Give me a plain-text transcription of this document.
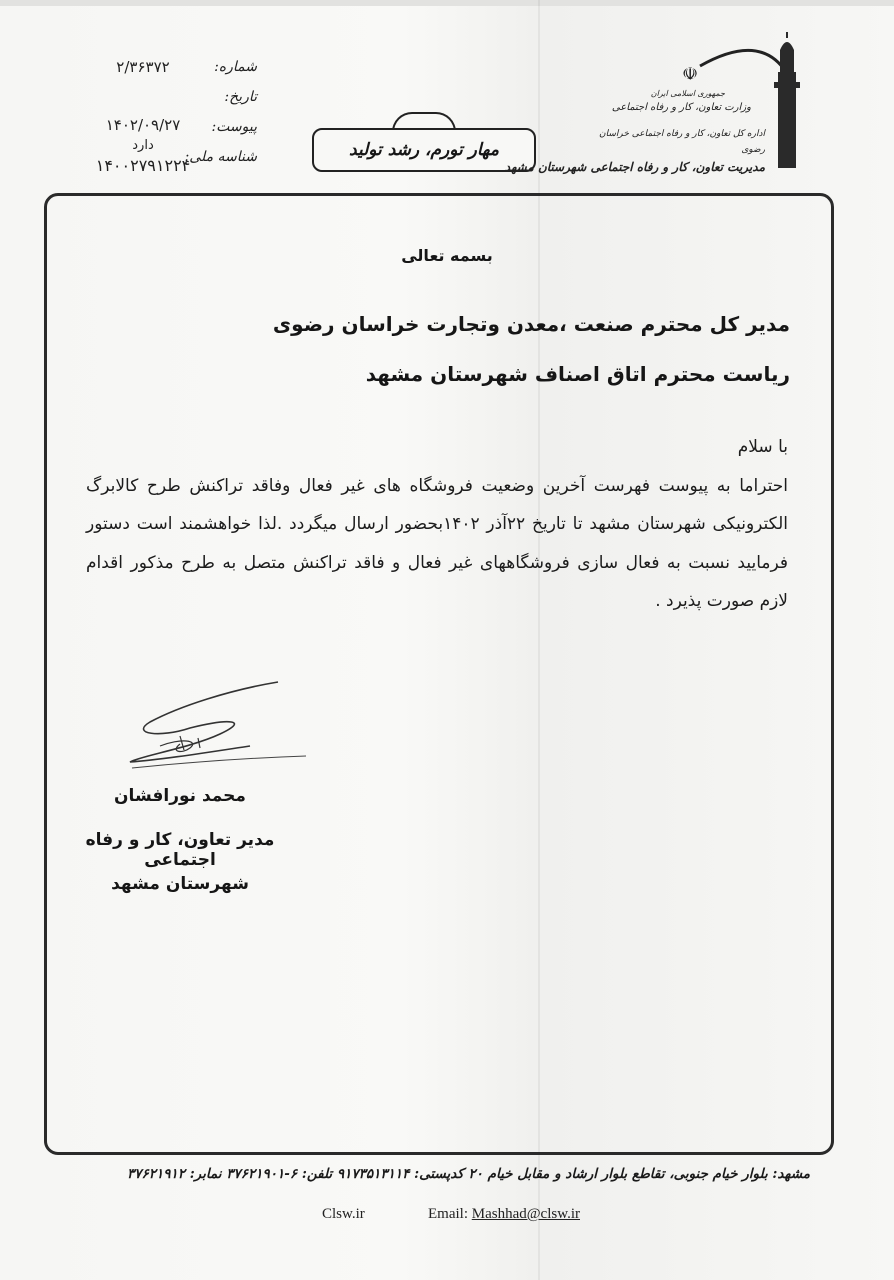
شماره:
تاریخ:
پیوست:
شناسه ملی:
۲/۳۶۳۷۲
۱۴۰۲/۰۹/۲۷
دارد
۱۴۰۰۲۷۹۱۲۲۴
مهار تورم، رشد تولید
☫
جمهوری اسلامی ایران
وزارت تعاون، کار و رفاه اجتماعی
اداره کل تعاون، کار و رفاه اجتماعی خراسان رضوی
مدیریت تعاون، کار و رفاه اجتماعی شهرستان مشهد
بسمه تعالی
مدیر کل محترم صنعت ،معدن وتجارت خراسان رضوی
ریاست محترم اتاق اصناف شهرستان مشهد
با سلام

احتراما به پیوست فهرست آخرین وضعیت فروشگاه های غیر فعال وفاقد تراکنش طرح کالابرگ الکترونیکی شهرستان مشهد تا تاریخ ۲۲آذر ۱۴۰۲بحضور ارسال میگردد .لذا خواهشمند است دستور فرمایید نسبت به فعال سازی فروشگاههای غیر فعال و فاقد تراکنش متصل به طرح مذکور اقدام لازم صورت پذیرد .

محمد نورافشان
مدیر تعاون، کار و رفاه اجتماعی
شهرستان مشهد
مشهد: بلوار خیام جنوبی، تقاطع بلوار ارشاد و مقابل خیام ۲۰ کدپستی: ۹۱۷۳۵۱۳۱۱۴ تلفن: ۶-۳۷۶۲۱۹۰۱ نمابر: ۳۷۶۲۱۹۱۲
Clsw.ir	Email: Mashhad@clsw.ir
